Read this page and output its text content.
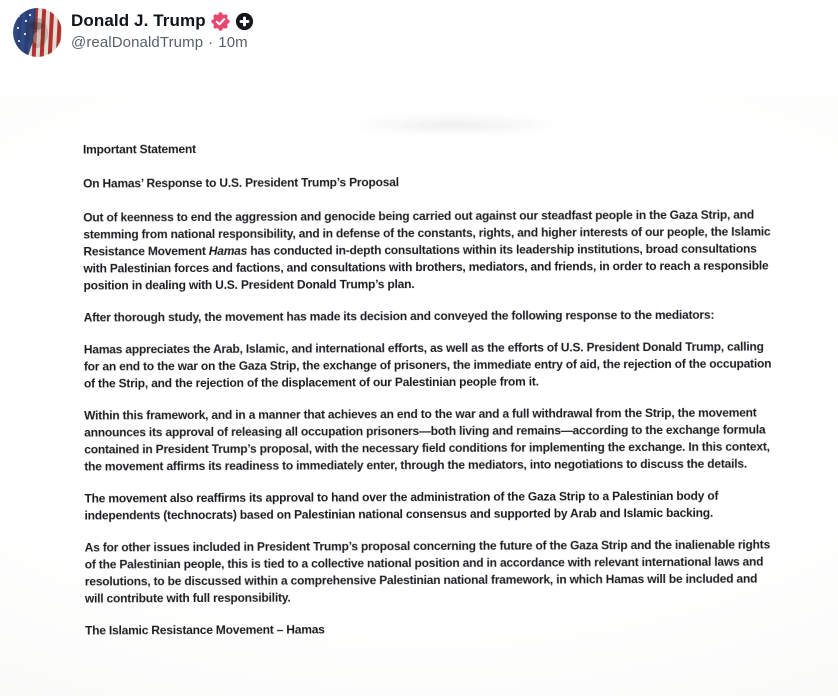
Donald J. Trump
@realDonaldTrump · 10m

Important Statement

On Hamas’ Response to U.S. President Trump’s Proposal

Out of keenness to end the aggression and genocide being carried out against our steadfast people in the Gaza Strip, and stemming from national responsibility, and in defense of the constants, rights, and higher interests of our people, the Islamic Resistance Movement Hamas has conducted in-depth consultations within its leadership institutions, broad consultations with Palestinian forces and factions, and consultations with brothers, mediators, and friends, in order to reach a responsible position in dealing with U.S. President Donald Trump’s plan.

After thorough study, the movement has made its decision and conveyed the following response to the mediators:

Hamas appreciates the Arab, Islamic, and international efforts, as well as the efforts of U.S. President Donald Trump, calling for an end to the war on the Gaza Strip, the exchange of prisoners, the immediate entry of aid, the rejection of the occupation of the Strip, and the rejection of the displacement of our Palestinian people from it.

Within this framework, and in a manner that achieves an end to the war and a full withdrawal from the Strip, the movement announces its approval of releasing all occupation prisoners—both living and remains—according to the exchange formula contained in President Trump’s proposal, with the necessary field conditions for implementing the exchange. In this context, the movement affirms its readiness to immediately enter, through the mediators, into negotiations to discuss the details.

The movement also reaffirms its approval to hand over the administration of the Gaza Strip to a Palestinian body of independents (technocrats) based on Palestinian national consensus and supported by Arab and Islamic backing.

As for other issues included in President Trump’s proposal concerning the future of the Gaza Strip and the inalienable rights of the Palestinian people, this is tied to a collective national position and in accordance with relevant international laws and resolutions, to be discussed within a comprehensive Palestinian national framework, in which Hamas will be included and will contribute with full responsibility.

The Islamic Resistance Movement – Hamas
